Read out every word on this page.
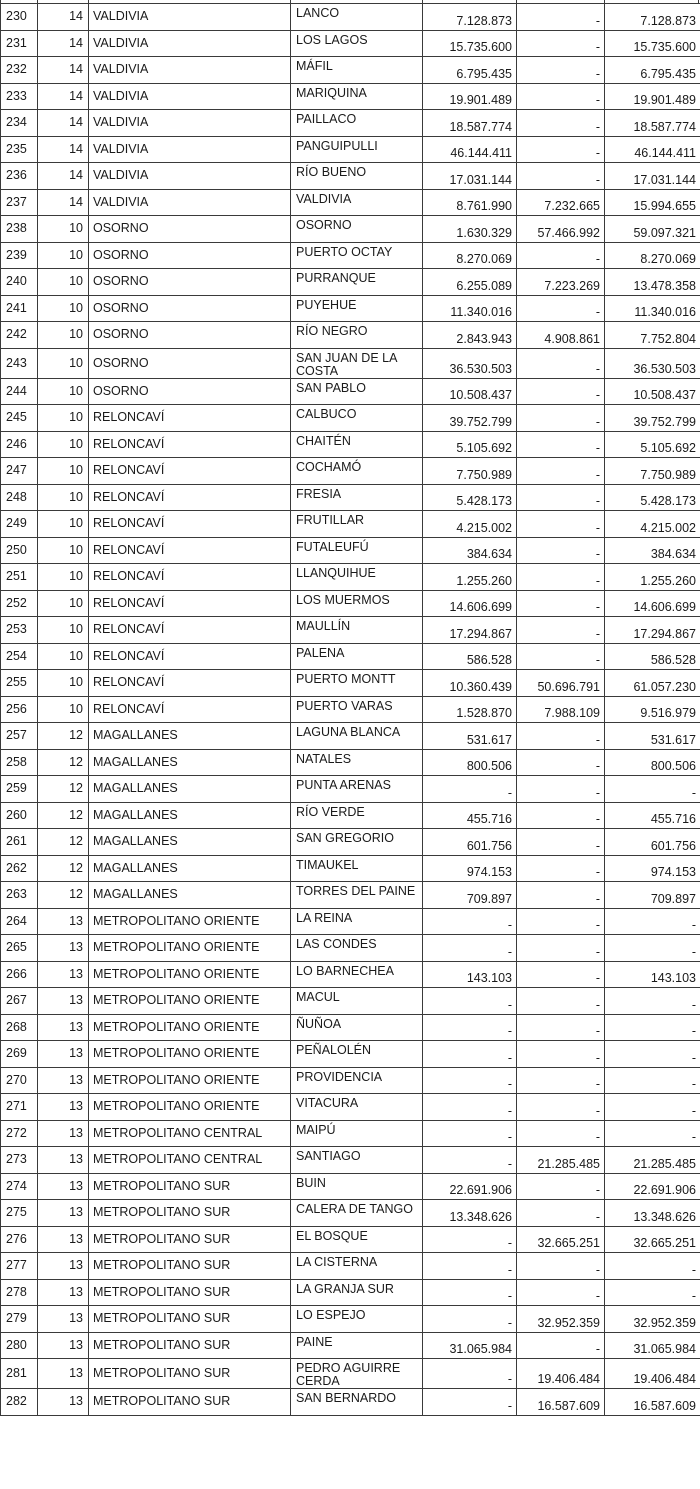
230	14	VALDIVIA	LANCO	7.128.873	-	7.128.873
231	14	VALDIVIA	LOS LAGOS	15.735.600	-	15.735.600
232	14	VALDIVIA	MÁFIL	6.795.435	-	6.795.435
233	14	VALDIVIA	MARIQUINA	19.901.489	-	19.901.489
234	14	VALDIVIA	PAILLACO	18.587.774	-	18.587.774
235	14	VALDIVIA	PANGUIPULLI	46.144.411	-	46.144.411
236	14	VALDIVIA	RÍO BUENO	17.031.144	-	17.031.144
237	14	VALDIVIA	VALDIVIA	8.761.990	7.232.665	15.994.655
238	10	OSORNO	OSORNO	1.630.329	57.466.992	59.097.321
239	10	OSORNO	PUERTO OCTAY	8.270.069	-	8.270.069
240	10	OSORNO	PURRANQUE	6.255.089	7.223.269	13.478.358
241	10	OSORNO	PUYEHUE	11.340.016	-	11.340.016
242	10	OSORNO	RÍO NEGRO	2.843.943	4.908.861	7.752.804
243	10	OSORNO	SAN JUAN DE LA COSTA	36.530.503	-	36.530.503
244	10	OSORNO	SAN PABLO	10.508.437	-	10.508.437
245	10	RELONCAVÍ	CALBUCO	39.752.799	-	39.752.799
246	10	RELONCAVÍ	CHAITÉN	5.105.692	-	5.105.692
247	10	RELONCAVÍ	COCHAMÓ	7.750.989	-	7.750.989
248	10	RELONCAVÍ	FRESIA	5.428.173	-	5.428.173
249	10	RELONCAVÍ	FRUTILLAR	4.215.002	-	4.215.002
250	10	RELONCAVÍ	FUTALEUFÚ	384.634	-	384.634
251	10	RELONCAVÍ	LLANQUIHUE	1.255.260	-	1.255.260
252	10	RELONCAVÍ	LOS MUERMOS	14.606.699	-	14.606.699
253	10	RELONCAVÍ	MAULLÍN	17.294.867	-	17.294.867
254	10	RELONCAVÍ	PALENA	586.528	-	586.528
255	10	RELONCAVÍ	PUERTO MONTT	10.360.439	50.696.791	61.057.230
256	10	RELONCAVÍ	PUERTO VARAS	1.528.870	7.988.109	9.516.979
257	12	MAGALLANES	LAGUNA BLANCA	531.617	-	531.617
258	12	MAGALLANES	NATALES	800.506	-	800.506
259	12	MAGALLANES	PUNTA ARENAS	-	-	-
260	12	MAGALLANES	RÍO VERDE	455.716	-	455.716
261	12	MAGALLANES	SAN GREGORIO	601.756	-	601.756
262	12	MAGALLANES	TIMAUKEL	974.153	-	974.153
263	12	MAGALLANES	TORRES DEL PAINE	709.897	-	709.897
264	13	METROPOLITANO ORIENTE	LA REINA	-	-	-
265	13	METROPOLITANO ORIENTE	LAS CONDES	-	-	-
266	13	METROPOLITANO ORIENTE	LO BARNECHEA	143.103	-	143.103
267	13	METROPOLITANO ORIENTE	MACUL	-	-	-
268	13	METROPOLITANO ORIENTE	ÑUÑOA	-	-	-
269	13	METROPOLITANO ORIENTE	PEÑALOLÉN	-	-	-
270	13	METROPOLITANO ORIENTE	PROVIDENCIA	-	-	-
271	13	METROPOLITANO ORIENTE	VITACURA	-	-	-
272	13	METROPOLITANO CENTRAL	MAIPÚ	-	-	-
273	13	METROPOLITANO CENTRAL	SANTIAGO	-	21.285.485	21.285.485
274	13	METROPOLITANO SUR	BUIN	22.691.906	-	22.691.906
275	13	METROPOLITANO SUR	CALERA DE TANGO	13.348.626	-	13.348.626
276	13	METROPOLITANO SUR	EL BOSQUE	-	32.665.251	32.665.251
277	13	METROPOLITANO SUR	LA CISTERNA	-	-	-
278	13	METROPOLITANO SUR	LA GRANJA SUR	-	-	-
279	13	METROPOLITANO SUR	LO ESPEJO	-	32.952.359	32.952.359
280	13	METROPOLITANO SUR	PAINE	31.065.984	-	31.065.984
281	13	METROPOLITANO SUR	PEDRO AGUIRRE CERDA	-	19.406.484	19.406.484
282	13	METROPOLITANO SUR	SAN BERNARDO	-	16.587.609	16.587.609
